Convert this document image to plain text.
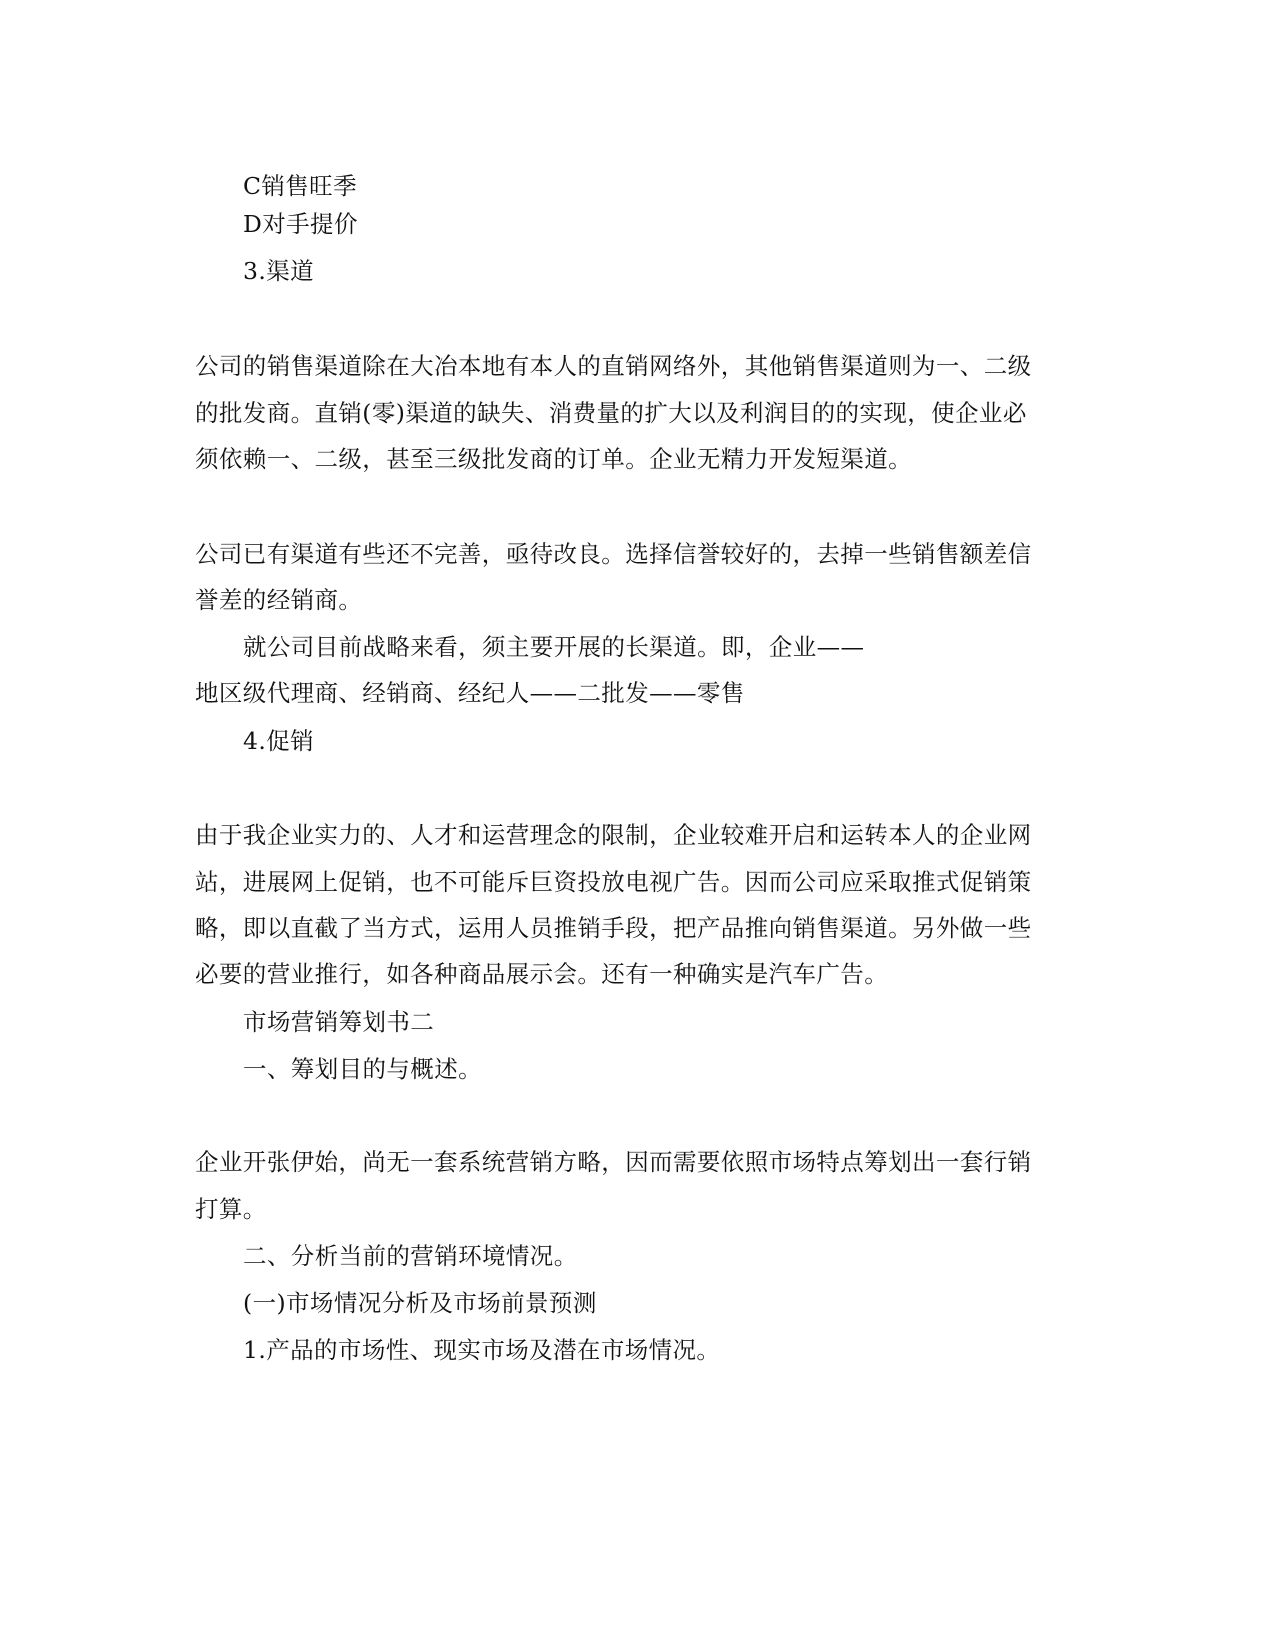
C销售旺季
D对手提价
3.渠道
公司的销售渠道除在大冶本地有本人的直销网络外，其他销售渠道则为一、二级
的批发商。直销(零)渠道的缺失、消费量的扩大以及利润目的的实现，使企业必
须依赖一、二级，甚至三级批发商的订单。企业无精力开发短渠道。
公司已有渠道有些还不完善，亟待改良。选择信誉较好的，去掉一些销售额差信
誉差的经销商。
就公司目前战略来看，须主要开展的长渠道。即，企业——
地区级代理商、经销商、经纪人——二批发——零售
4.促销
由于我企业实力的、人才和运营理念的限制，企业较难开启和运转本人的企业网
站，进展网上促销，也不可能斥巨资投放电视广告。因而公司应采取推式促销策
略，即以直截了当方式，运用人员推销手段，把产品推向销售渠道。另外做一些
必要的营业推行，如各种商品展示会。还有一种确实是汽车广告。
市场营销筹划书二
一、筹划目的与概述。
企业开张伊始，尚无一套系统营销方略，因而需要依照市场特点筹划出一套行销
打算。
二、分析当前的营销环境情况。
(一)市场情况分析及市场前景预测
1.产品的市场性、现实市场及潜在市场情况。
